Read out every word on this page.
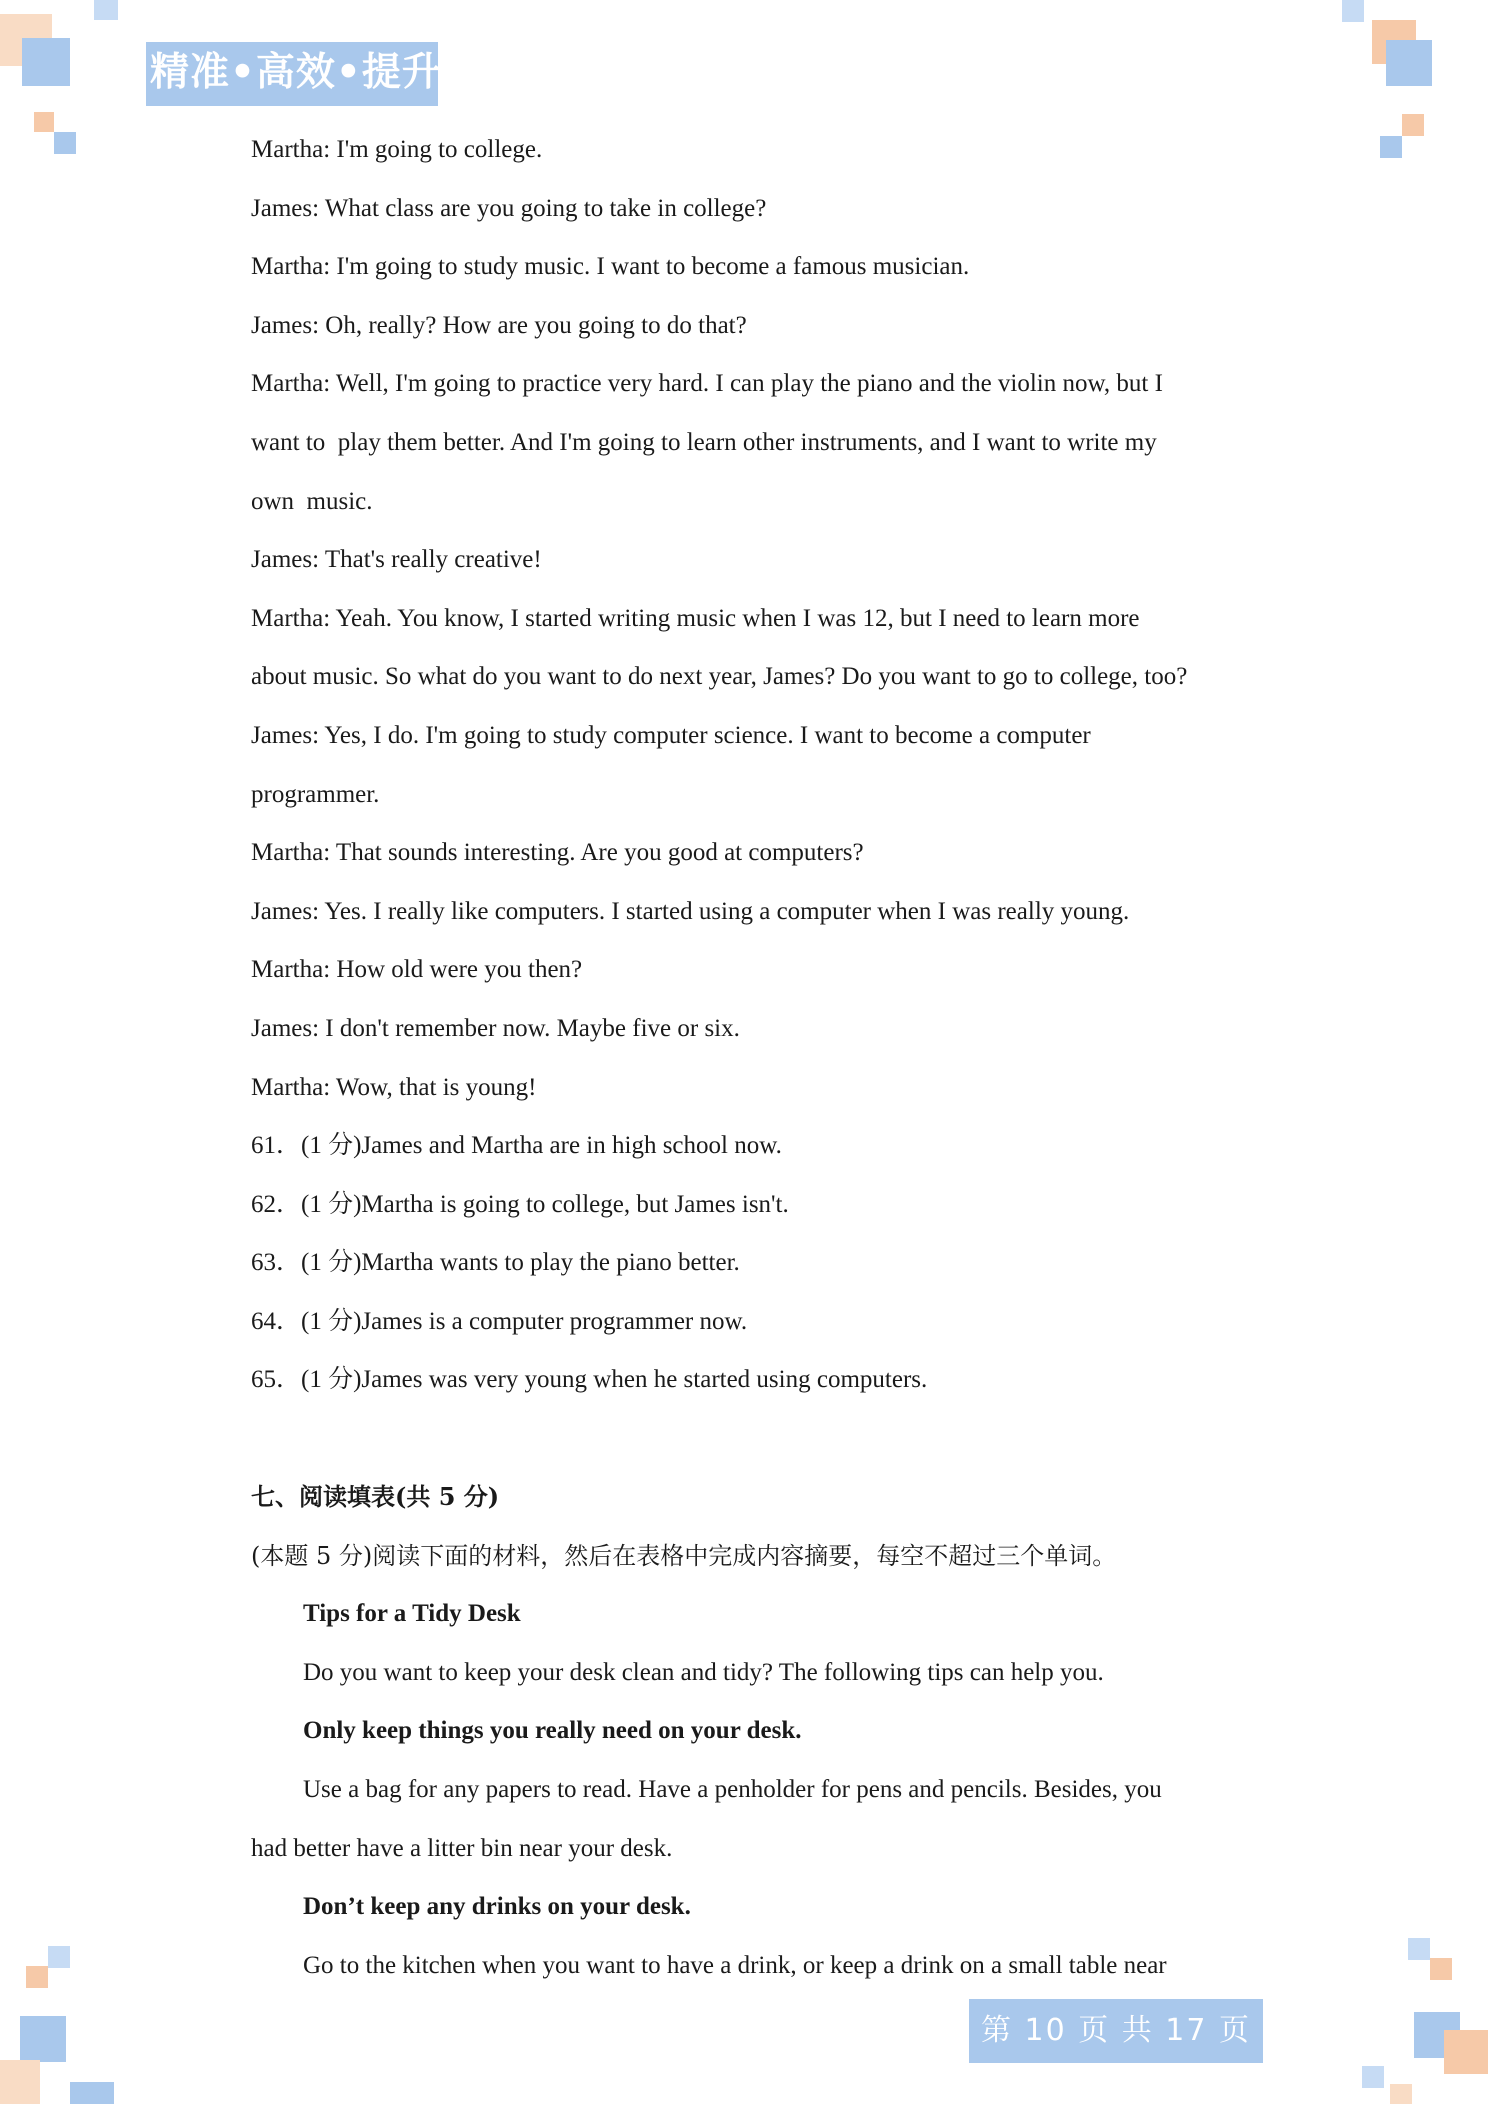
精准•高效•提升
Martha: I'm going to college.
James: What class are you going to take in college?
Martha: I'm going to study music. I want to become a famous musician.
James: Oh, really? How are you going to do that?
Martha: Well, I'm going to practice very hard. I can play the piano and the violin now, but I
want to  play them better. And I'm going to learn other instruments, and I want to write my
own  music.
James: That's really creative!
Martha: Yeah. You know, I started writing music when I was 12, but I need to learn more
about music. So what do you want to do next year, James? Do you want to go to college, too?
James: Yes, I do. I'm going to study computer science. I want to become a computer
programmer.
Martha: That sounds interesting. Are you good at computers?
James: Yes. I really like computers. I started using a computer when I was really young.
Martha: How old were you then?
James: I don't remember now. Maybe five or six.
Martha: Wow, that is young!
61．(1 分)James and Martha are in high school now.
62．(1 分)Martha is going to college, but James isn't.
63．(1 分)Martha wants to play the piano better.
64．(1 分)James is a computer programmer now.
65．(1 分)James was very young when he started using computers.
七、阅读填表(共 5 分)
(本题 5 分)阅读下面的材料，然后在表格中完成内容摘要，每空不超过三个单词。
Tips for a Tidy Desk
Do you want to keep your desk clean and tidy? The following tips can help you.
Only keep things you really need on your desk.
Use a bag for any papers to read. Have a penholder for pens and pencils. Besides, you
had better have a litter bin near your desk.
Don’t keep any drinks on your desk.
Go to the kitchen when you want to have a drink, or keep a drink on a small table near
第 10 页 共 17 页
